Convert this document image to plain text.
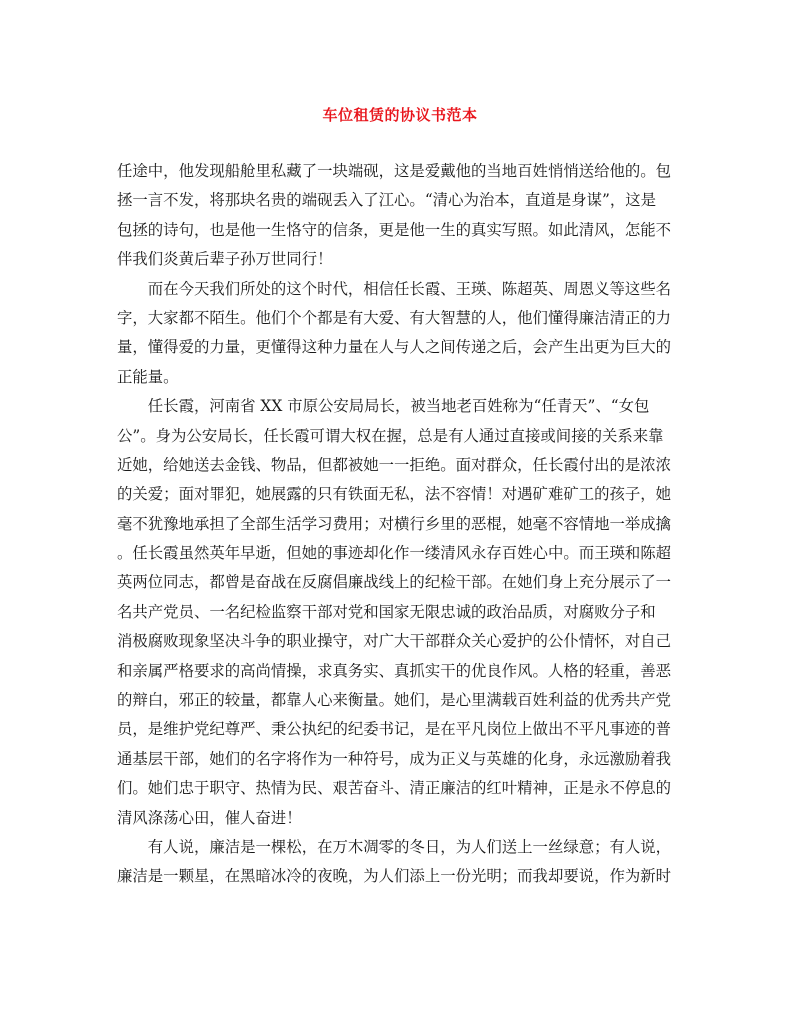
车位租赁的协议书范本
任途中，他发现船舱里私藏了一块端砚，这是爱戴他的当地百姓悄悄送给他的。包
拯一言不发，将那块名贵的端砚丢入了江心。“清心为治本，直道是身谋”，这是
包拯的诗句，也是他一生恪守的信条，更是他一生的真实写照。如此清风，怎能不
伴我们炎黄后辈子孙万世同行！
　　而在今天我们所处的这个时代，相信任长霞、王瑛、陈超英、周恩义等这些名
字，大家都不陌生。他们个个都是有大爱、有大智慧的人，他们懂得廉洁清正的力
量，懂得爱的力量，更懂得这种力量在人与人之间传递之后，会产生出更为巨大的
正能量。
　　任长霞，河南省 XX 市原公安局局长，被当地老百姓称为“任青天”、“女包
公”。身为公安局长，任长霞可谓大权在握，总是有人通过直接或间接的关系来靠
近她，给她送去金钱、物品，但都被她一一拒绝。面对群众，任长霞付出的是浓浓
的关爱；面对罪犯，她展露的只有铁面无私，法不容情！对遇矿难矿工的孩子，她
毫不犹豫地承担了全部生活学习费用；对横行乡里的恶棍，她毫不容情地一举成擒
。任长霞虽然英年早逝，但她的事迹却化作一缕清风永存百姓心中。而王瑛和陈超
英两位同志，都曾是奋战在反腐倡廉战线上的纪检干部。在她们身上充分展示了一
名共产党员、一名纪检监察干部对党和国家无限忠诚的政治品质，对腐败分子和
消极腐败现象坚决斗争的职业操守，对广大干部群众关心爱护的公仆情怀，对自己
和亲属严格要求的高尚情操，求真务实、真抓实干的优良作风。人格的轻重，善恶
的辩白，邪正的较量，都靠人心来衡量。她们，是心里满载百姓利益的优秀共产党
员，是维护党纪尊严、秉公执纪的纪委书记，是在平凡岗位上做出不平凡事迹的普
通基层干部，她们的名字将作为一种符号，成为正义与英雄的化身，永远激励着我
们。她们忠于职守、热情为民、艰苦奋斗、清正廉洁的红叶精神，正是永不停息的
清风涤荡心田，催人奋进！
　　有人说，廉洁是一棵松，在万木凋零的冬日，为人们送上一丝绿意；有人说，
廉洁是一颗星，在黑暗冰冷的夜晚，为人们添上一份光明；而我却要说，作为新时
